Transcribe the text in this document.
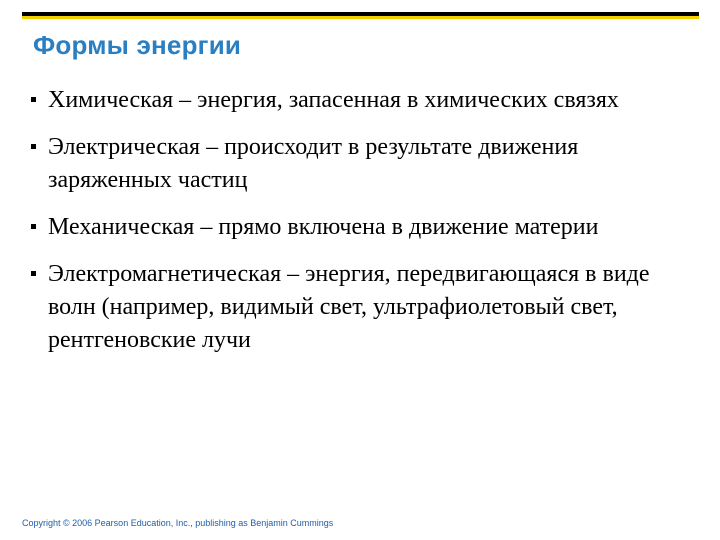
Формы энергии
Химическая – энергия, запасенная в химических связях
Электрическая – происходит в результате движения заряженных частиц
Механическая – прямо включена в движение материи
Электромагнетическая – энергия, передвигающаяся в виде волн (например, видимый свет, ультрафиолетовый свет, рентгеновские лучи
Copyright © 2006 Pearson Education, Inc., publishing as Benjamin Cummings
